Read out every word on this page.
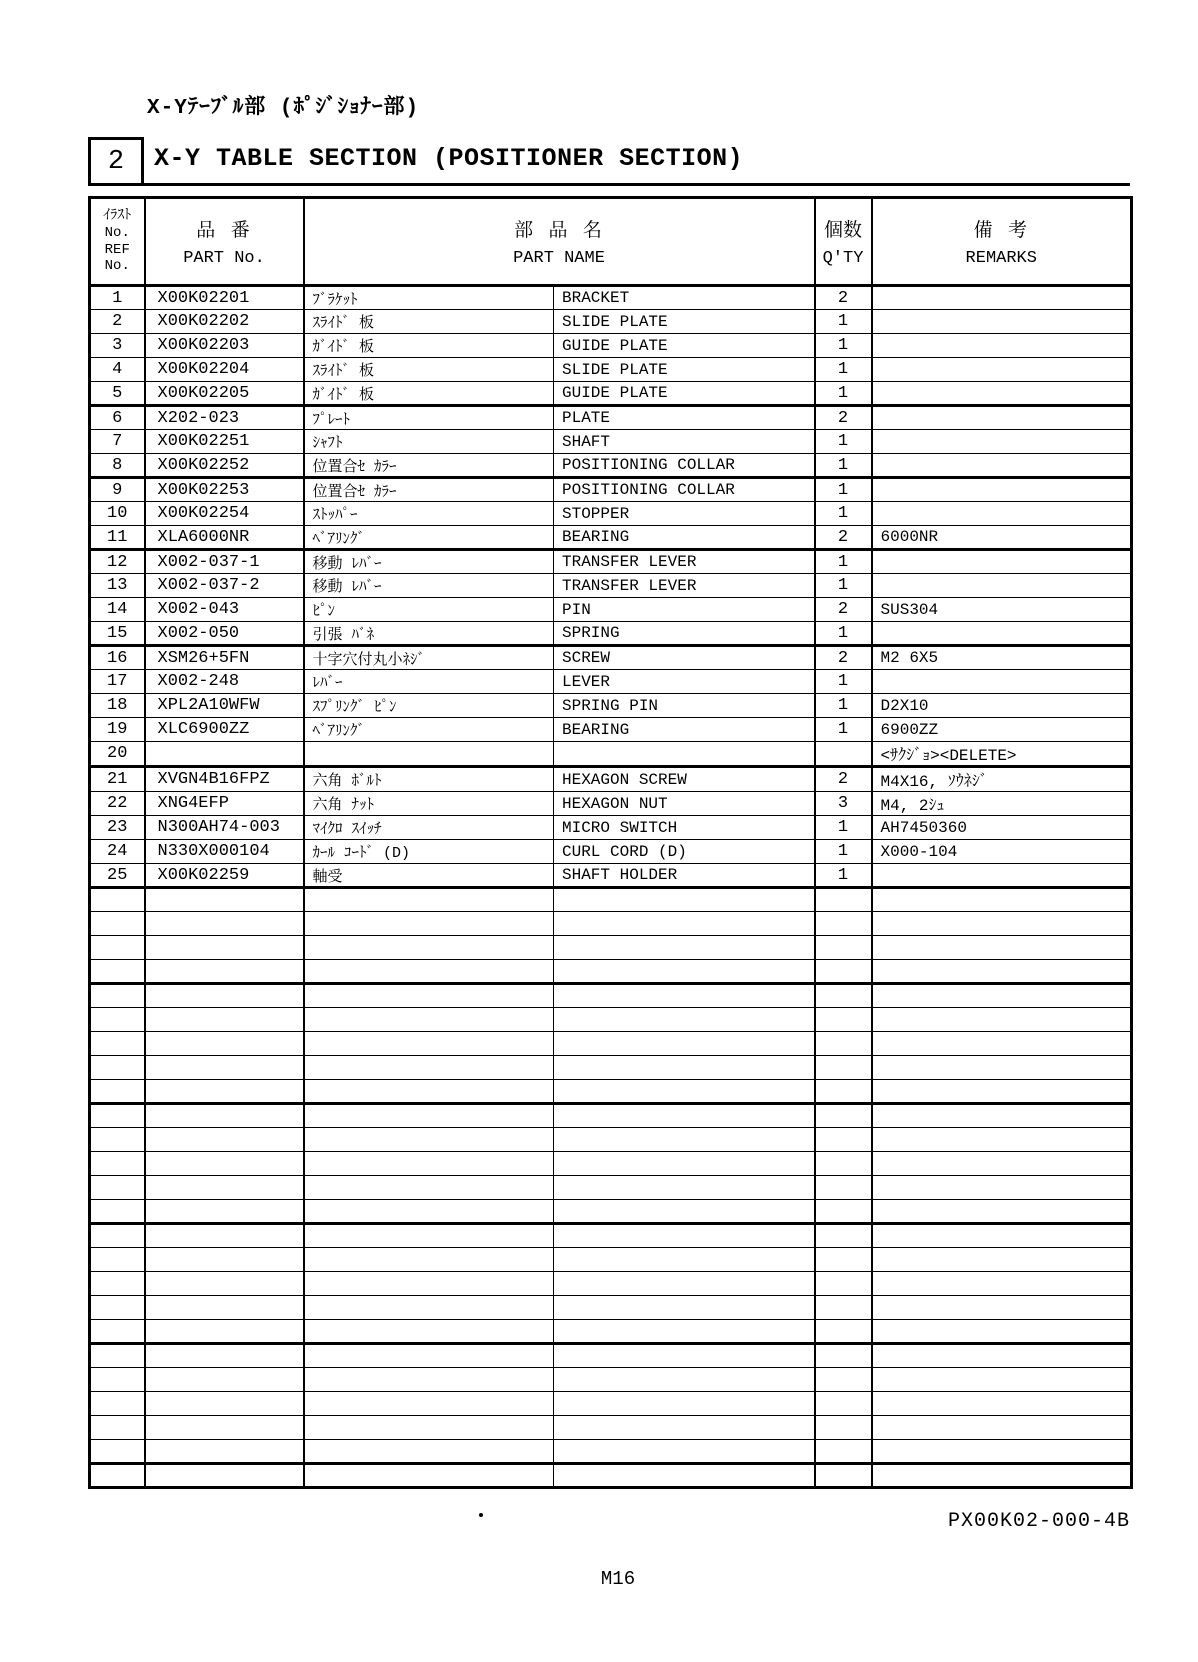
X-Yﾃｰﾌﾞﾙ部 (ﾎﾟｼﾞｼｮﾅｰ部)
2 X-Y TABLE SECTION (POSITIONER SECTION)
ｲﾗｽﾄ
No.
REF
No.

品 番
PART No.

部 品 名
PART NAME

個数
Q'TY

備 考
REMARKS

1	X00K02201	ﾌﾞﾗｹｯﾄ	BRACKET	2	
2	X00K02202	ｽﾗｲﾄﾞ 板	SLIDE PLATE	1	
3	X00K02203	ｶﾞｲﾄﾞ 板	GUIDE PLATE	1	
4	X00K02204	ｽﾗｲﾄﾞ 板	SLIDE PLATE	1	
5	X00K02205	ｶﾞｲﾄﾞ 板	GUIDE PLATE	1	
6	X202-023	ﾌﾟﾚｰﾄ	PLATE	2	
7	X00K02251	ｼｬﾌﾄ	SHAFT	1	
8	X00K02252	位置合ｾ ｶﾗｰ	POSITIONING COLLAR	1	
9	X00K02253	位置合ｾ ｶﾗｰ	POSITIONING COLLAR	1	
10	X00K02254	ｽﾄｯﾊﾟｰ	STOPPER	1	
11	XLA6000NR	ﾍﾞｱﾘﾝｸﾞ	BEARING	2	6000NR
12	X002-037-1	移動 ﾚﾊﾞｰ	TRANSFER LEVER	1	
13	X002-037-2	移動 ﾚﾊﾞｰ	TRANSFER LEVER	1	
14	X002-043	ﾋﾟﾝ	PIN	2	SUS304
15	X002-050	引張 ﾊﾞﾈ	SPRING	1	
16	XSM26+5FN	十字穴付丸小ﾈｼﾞ	SCREW	2	M2 6X5
17	X002-248	ﾚﾊﾞｰ	LEVER	1	
18	XPL2A10WFW	ｽﾌﾟﾘﾝｸﾞ ﾋﾟﾝ	SPRING PIN	1	D2X10
19	XLC6900ZZ	ﾍﾞｱﾘﾝｸﾞ	BEARING	1	6900ZZ
20					<ｻｸｼﾞｮ><DELETE>
21	XVGN4B16FPZ	六角 ﾎﾞﾙﾄ	HEXAGON SCREW	2	M4X16, ｿｳﾈｼﾞ
22	XNG4EFP	六角 ﾅｯﾄ	HEXAGON NUT	3	M4, 2ｼｭ
23	N300AH74-003	ﾏｲｸﾛ ｽｲｯﾁ	MICRO SWITCH	1	AH7450360
24	N330X000104	ｶｰﾙ ｺｰﾄﾞ (D)	CURL CORD (D)	1	X000-104
25	X00K02259	軸受	SHAFT HOLDER	1	

PX00K02-000-4B
M16
